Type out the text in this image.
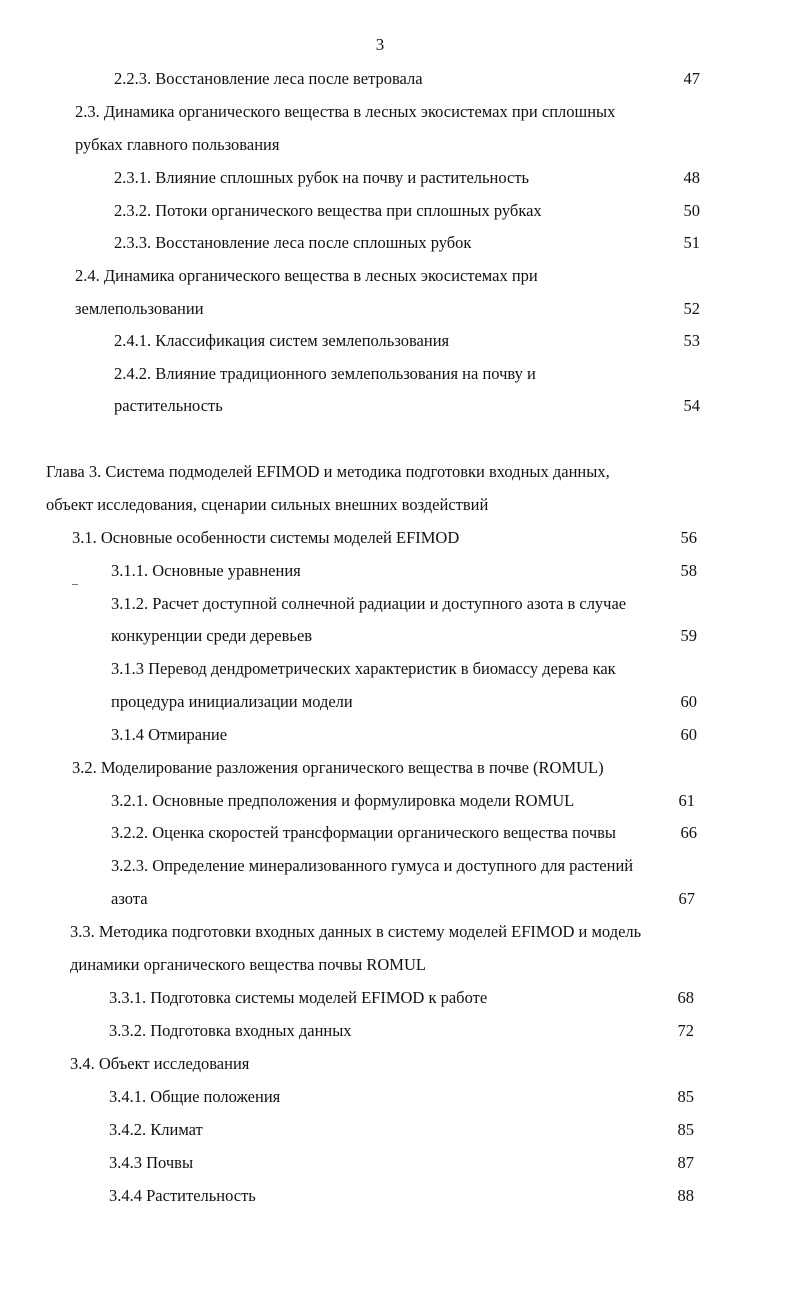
3
2.2.3. Восстановление леса после ветровала	47
2.3. Динамика органического вещества в лесных экосистемах при сплошных
рубках главного пользования
2.3.1. Влияние сплошных рубок на почву и растительность	48
2.3.2. Потоки органического вещества при сплошных рубках	50
2.3.3. Восстановление леса после сплошных рубок	51
2.4. Динамика органического вещества в лесных экосистемах при
землепользовании	52
2.4.1. Классификация систем землепользования	53
2.4.2. Влияние традиционного землепользования на почву и
растительность	54
Глава 3. Система подмоделей EFIMOD и методика подготовки входных данных,
объект исследования, сценарии сильных внешних воздействий
3.1. Основные особенности системы моделей EFIMOD	56
3.1.1. Основные уравнения	58
3.1.2. Расчет доступной солнечной радиации и доступного азота в случае
конкуренции среди деревьев	59
3.1.3 Перевод дендрометрических характеристик в биомассу дерева как
процедура инициализации модели	60
3.1.4 Отмирание	60
3.2. Моделирование разложения органического вещества в почве (ROMUL)
3.2.1. Основные предположения и формулировка модели ROMUL	61
3.2.2. Оценка скоростей трансформации органического вещества почвы	66
3.2.3. Определение минерализованного гумуса и доступного для растений
азота	67
3.3. Методика подготовки входных данных в систему моделей EFIMOD и модель
динамики органического вещества почвы ROMUL
3.3.1. Подготовка системы моделей EFIMOD к работе	68
3.3.2. Подготовка входных данных	72
3.4. Объект исследования
3.4.1. Общие положения	85
3.4.2. Климат	85
3.4.3 Почвы	87
3.4.4 Растительность	88
